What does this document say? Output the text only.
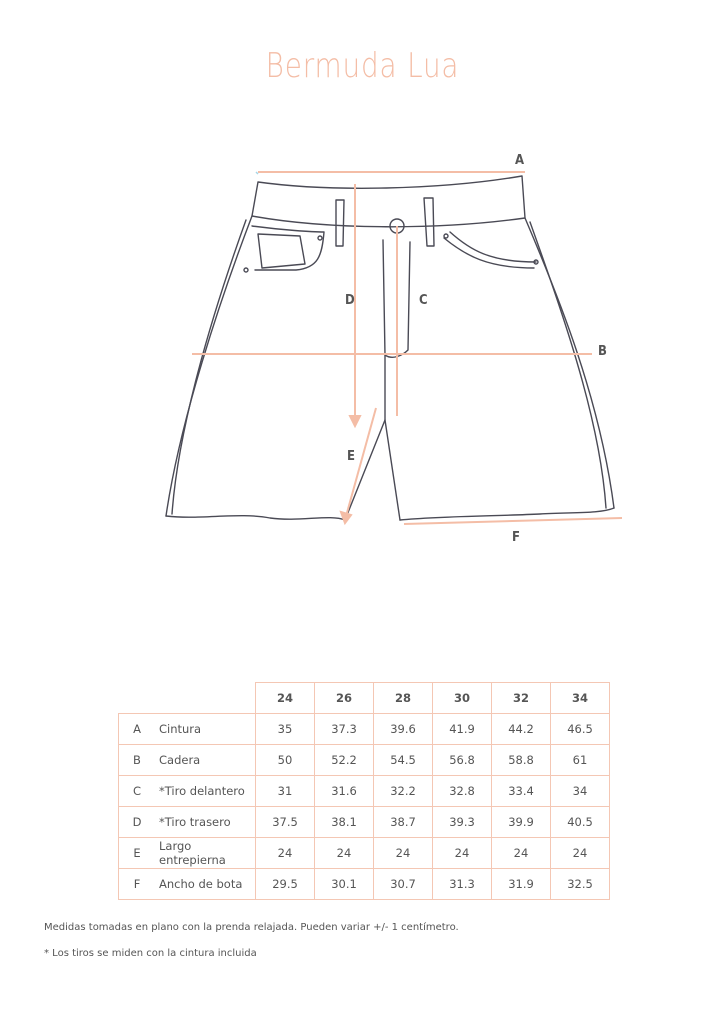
Bermuda Lua
A
B
C
D
E
F
		24	26	28	30	32	34
A	Cintura	35	37.3	39.6	41.9	44.2	46.5
B	Cadera	50	52.2	54.5	56.8	58.8	61
C	*Tiro delantero	31	31.6	32.2	32.8	33.4	34
D	*Tiro trasero	37.5	38.1	38.7	39.3	39.9	40.5
E	Largo entrepierna	24	24	24	24	24	24
F	Ancho de bota	29.5	30.1	30.7	31.3	31.9	32.5
Medidas tomadas en plano con la prenda relajada. Pueden variar +/- 1 centímetro.
* Los tiros se miden con la cintura incluida
